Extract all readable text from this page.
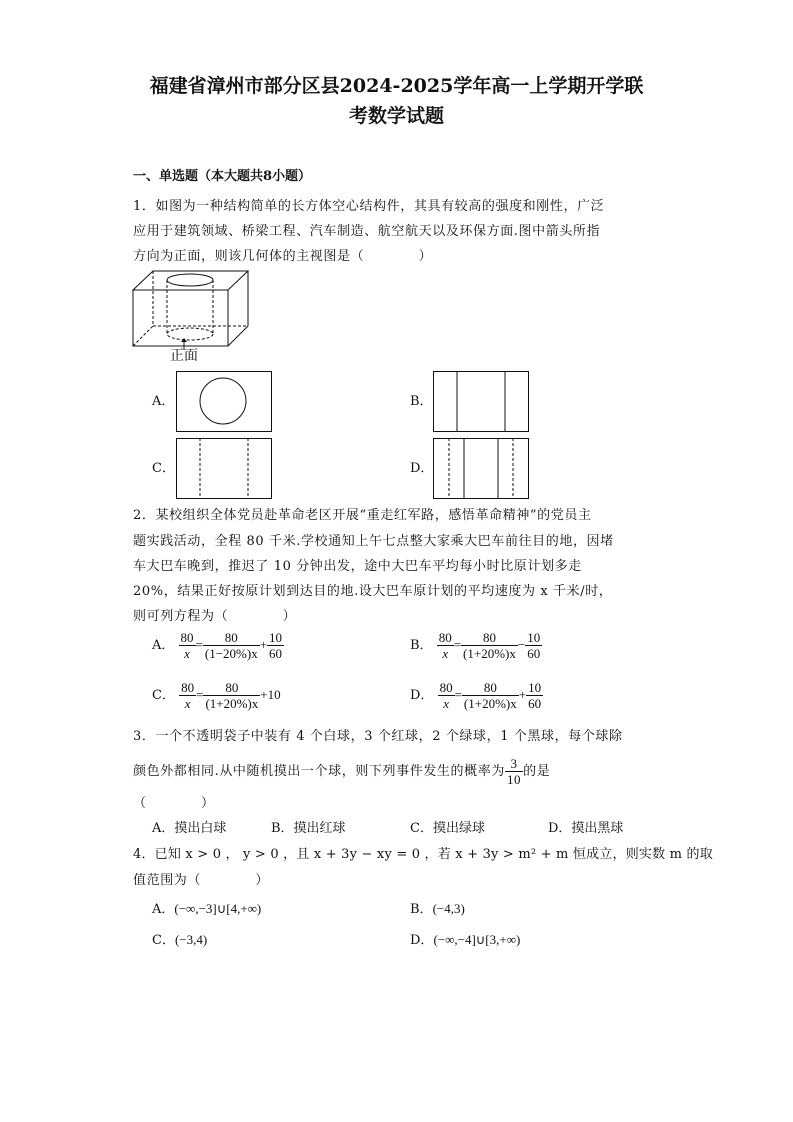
福建省漳州市部分区县2024-2025学年高一上学期开学联
考数学试题
一、单选题（本大题共8小题）
1．如图为一种结构简单的长方体空心结构件，其具有较高的强度和刚性，广泛
应用于建筑领域、桥梁工程、汽车制造、航空航天以及环保方面.图中箭头所指
方向为正面，则该几何体的主视图是（　　　　）
正面
A．	B．
C．	D．
2．某校组织全体党员赴革命老区开展“重走红军路，感悟革命精神”的党员主
题实践活动，全程 80 千米.学校通知上午七点整大家乘大巴车前往目的地，因堵
车大巴车晚到，推迟了 10 分钟出发，途中大巴车平均每小时比原计划多走
20%，结果正好按原计划到达目的地.设大巴车原计划的平均速度为 x 千米/时，
则可列方程为（　　　　）
A． $\frac{80}{x} = \frac{80}{(1-20\%)x} + \frac{10}{60}$	B． $\frac{80}{x} = \frac{80}{(1+20\%)x} - \frac{10}{60}$
C． $\frac{80}{x} = \frac{80}{(1+20\%)x} +10$	D． $\frac{80}{x} = \frac{80}{(1+20\%)x} + \frac{10}{60}$
3．一个不透明袋子中装有 4 个白球，3 个红球，2 个绿球，1 个黑球，每个球除
颜色外都相同.从中随机摸出一个球，则下列事件发生的概率为 $\frac{3}{10}$ 的是
（　　　　）
A．摸出白球	B．摸出红球	C．摸出绿球	D．摸出黑球
4．已知 x > 0 ， y > 0 ，且 x + 3y − xy = 0 ，若 x + 3y > m² + m 恒成立，则实数 m 的取
值范围为（　　　　）
A．(−∞,−3]∪[4,+∞)	B．(−4,3)
C．(−3,4)	D．(−∞,−4]∪[3,+∞)
